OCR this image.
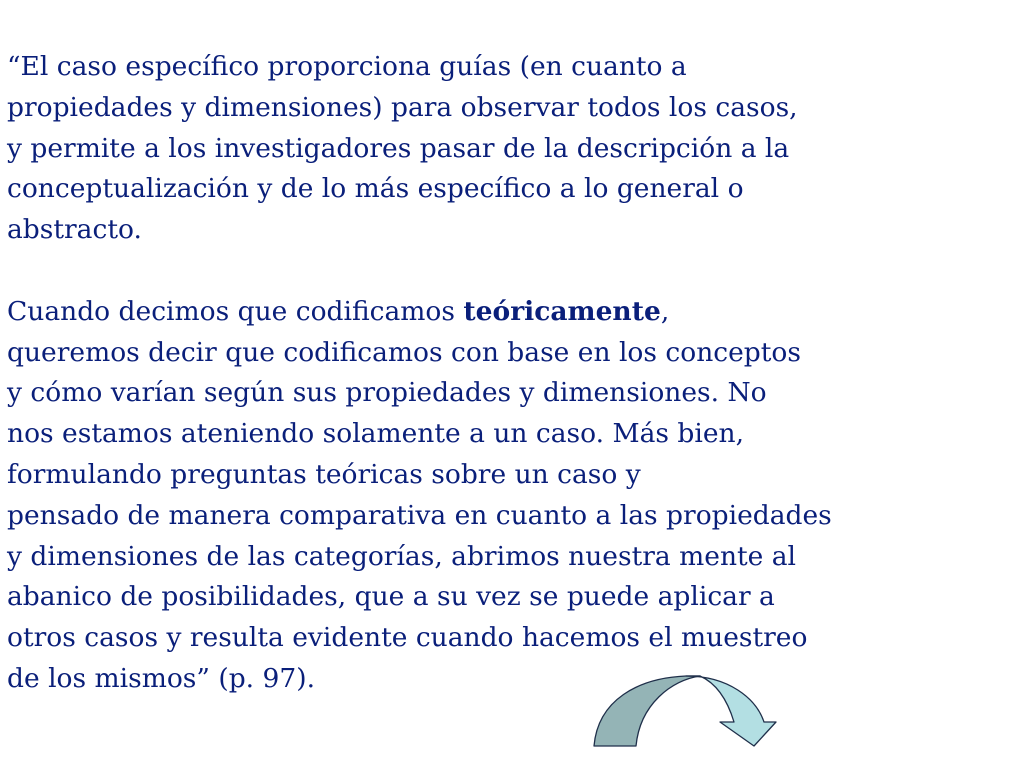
“El caso específico proporciona guías (en cuanto a
propiedades y dimensiones) para observar todos los casos,
y permite a los investigadores pasar de la descripción a la
conceptualización y de lo más específico a lo general o
abstracto.
Cuando decimos que codificamos teóricamente,
queremos decir que codificamos con base en los conceptos
y cómo varían según sus propiedades y dimensiones. No
nos estamos ateniendo solamente a un caso. Más bien,
formulando preguntas teóricas sobre un caso y
pensado de manera comparativa en cuanto a las propiedades
y dimensiones de las categorías, abrimos nuestra mente al
abanico de posibilidades, que a su vez se puede aplicar a
otros casos y resulta evidente cuando hacemos el muestreo
de los mismos” (p. 97).
